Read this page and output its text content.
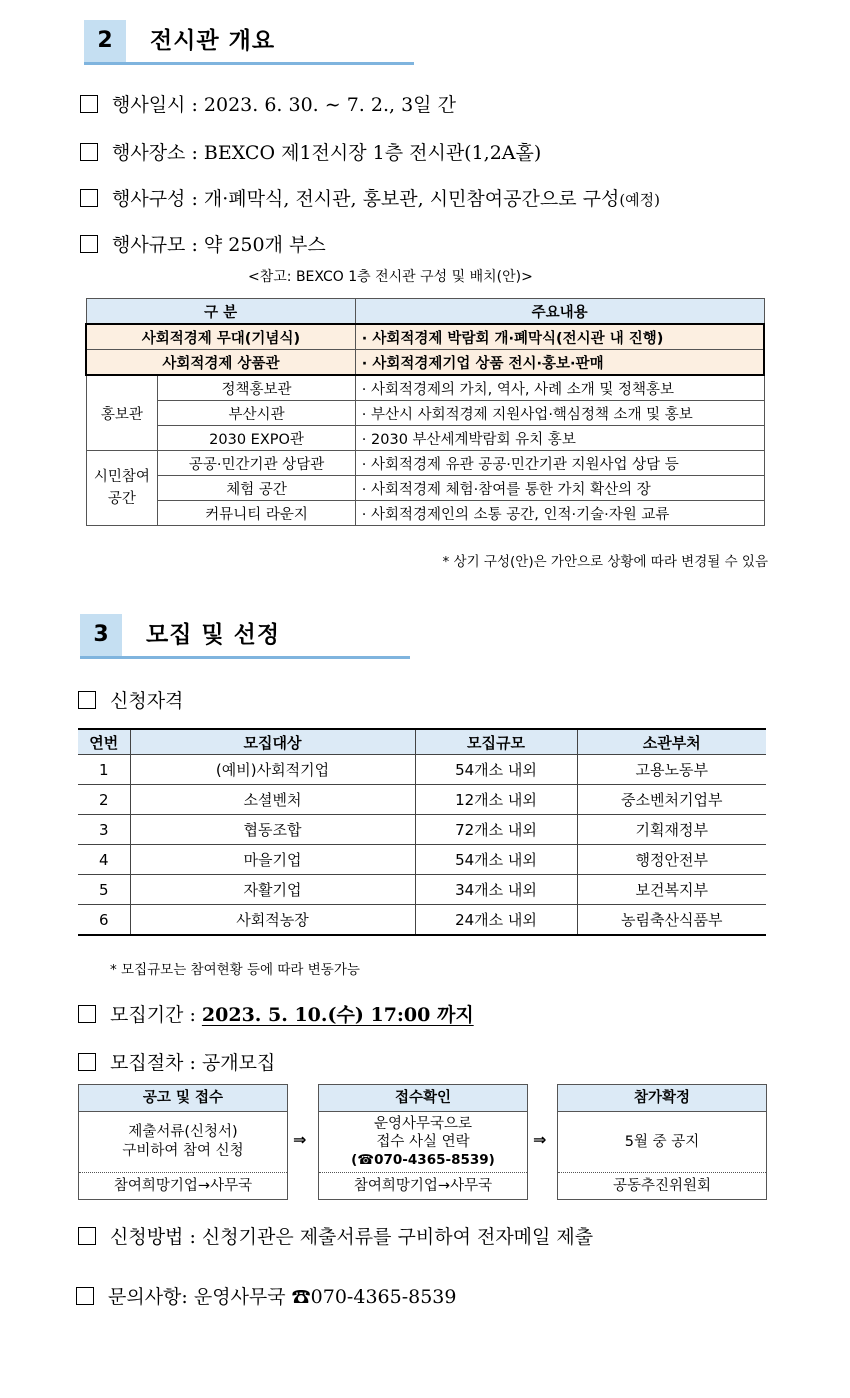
2	전시관 개요
행사일시 : 2023. 6. 30. ∼ 7. 2., 3일 간
행사장소 : BEXCO 제1전시장 1층 전시관(1,2A홀)
행사구성 : 개·폐막식, 전시관, 홍보관, 시민참여공간으로 구성(예정)
행사규모 : 약 250개 부스
<참고: BEXCO 1층 전시관 구성 및 배치(안)>
구 분		주요내용
사회적경제 무대(기념식)		· 사회적경제 박람회 개·폐막식(전시관 내 진행)
사회적경제 상품관		· 사회적경제기업 상품 전시·홍보·판매
홍보관	정책홍보관	· 사회적경제의 가치, 역사, 사례 소개 및 정책홍보
	부산시관	· 부산시 사회적경제 지원사업·핵심정책 소개 및 홍보
	2030 EXPO관	· 2030 부산세계박람회 유치 홍보
시민참여
공간	공공·민간기관 상담관	· 사회적경제 유관 공공·민간기관 지원사업 상담 등
	체험 공간	· 사회적경제 체험·참여를 통한 가치 확산의 장
	커뮤니티 라운지	· 사회적경제인의 소통 공간, 인적·기술·자원 교류
* 상기 구성(안)은 가안으로 상황에 따라 변경될 수 있음
3	모집 및 선정
신청자격
연번	모집대상	모집규모	소관부처
1	(예비)사회적기업	54개소 내외	고용노동부
2	소셜벤처	12개소 내외	중소벤처기업부
3	협동조합	72개소 내외	기획재정부
4	마을기업	54개소 내외	행정안전부
5	자활기업	34개소 내외	보건복지부
6	사회적농장	24개소 내외	농림축산식품부
* 모집규모는 참여현황 등에 따라 변동가능
모집기간 : 2023. 5. 10.(수) 17:00 까지
모집절차 : 공개모집
공고 및 접수
제출서류(신청서)
구비하여 참여 신청
참여희망기업→사무국
⇒
접수확인
운영사무국으로
접수 사실 연락
(☎070-4365-8539)
참여희망기업→사무국
⇒
참가확정
5월 중 공지
공동추진위원회
신청방법 : 신청기관은 제출서류를 구비하여 전자메일 제출
문의사항: 운영사무국 ☎070-4365-8539
